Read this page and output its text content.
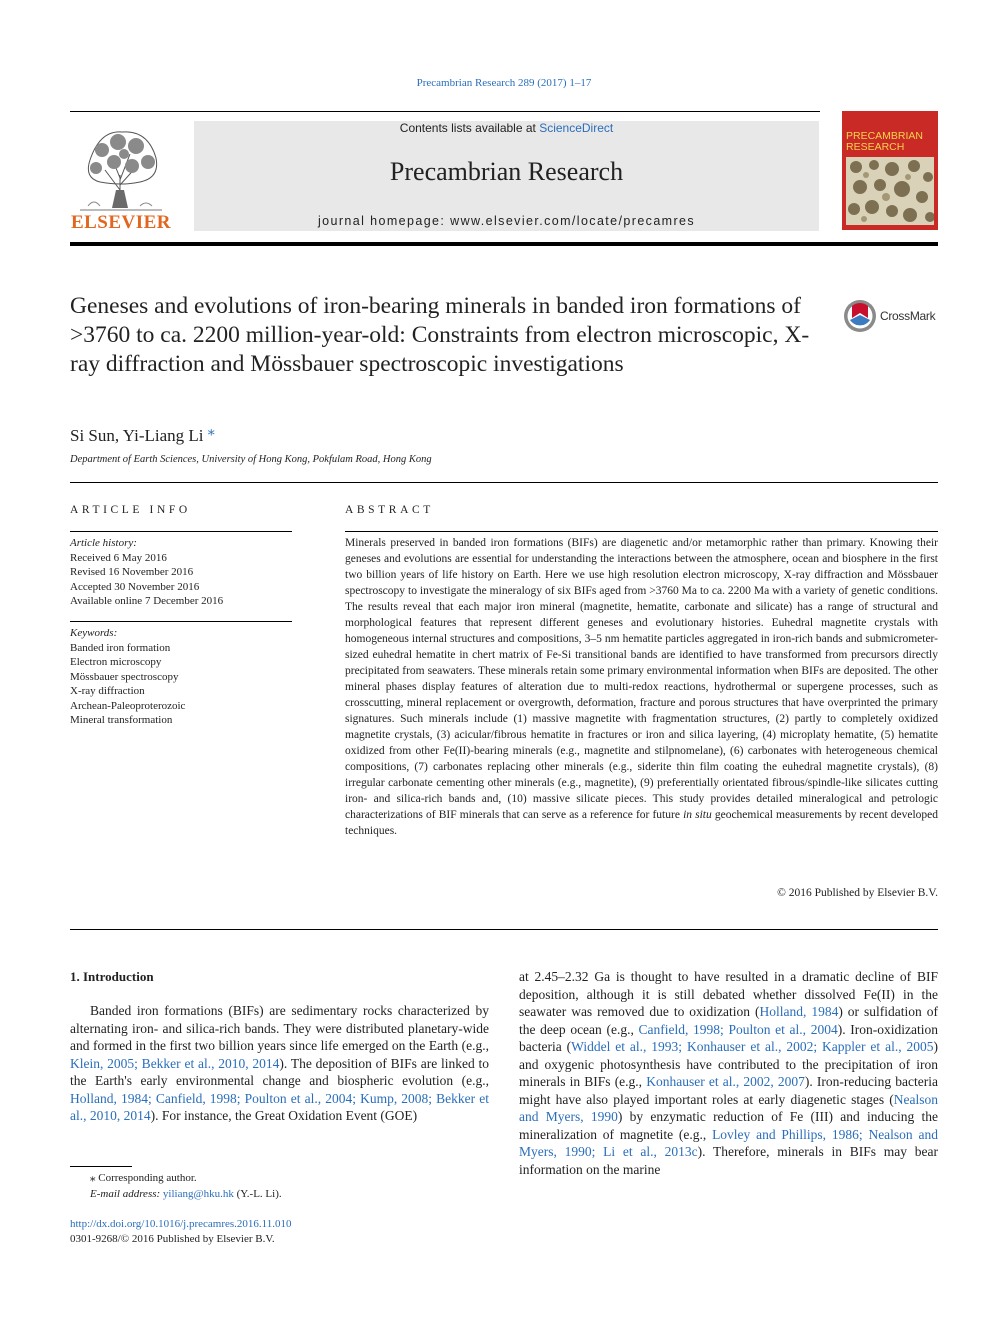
Precambrian Research 289 (2017) 1–17
ELSEVIER
Contents lists available at ScienceDirect
Precambrian Research
journal homepage: www.elsevier.com/locate/precamres
PRECAMBRIAN RESEARCH
Geneses and evolutions of iron-bearing minerals in banded iron formations of >3760 to ca. 2200 million-year-old: Constraints from electron microscopic, X-ray diffraction and Mössbauer spectroscopic investigations
CrossMark
Si Sun, Yi-Liang Li ⁎
Department of Earth Sciences, University of Hong Kong, Pokfulam Road, Hong Kong
ARTICLE INFO
Article history:
Received 6 May 2016
Revised 16 November 2016
Accepted 30 November 2016
Available online 7 December 2016
Keywords:
Banded iron formation
Electron microscopy
Mössbauer spectroscopy
X-ray diffraction
Archean-Paleoproterozoic
Mineral transformation
ABSTRACT
Minerals preserved in banded iron formations (BIFs) are diagenetic and/or metamorphic rather than primary. Knowing their geneses and evolutions are essential for understanding the interactions between the atmosphere, ocean and biosphere in the first two billion years of life history on Earth. Here we use high resolution electron microscopy, X-ray diffraction and Mössbauer spectroscopy to investigate the mineralogy of six BIFs aged from >3760 Ma to ca. 2200 Ma with a variety of genetic conditions. The results reveal that each major iron mineral (magnetite, hematite, carbonate and silicate) has a range of structural and morphological features that represent different geneses and evolutionary histories. Euhedral magnetite crystals with homogeneous internal structures and compositions, 3–5 nm hematite particles aggregated in iron-rich bands and submicrometer-sized euhedral hematite in chert matrix of Fe-Si transitional bands are identified to have transformed from precursors directly precipitated from seawaters. These minerals retain some primary environmental information when BIFs are deposited. The other mineral phases display features of alteration due to multi-redox reactions, hydrothermal or supergene processes, such as crosscutting, mineral replacement or overgrowth, deformation, fracture and porous structures that have overprinted the primary signatures. Such minerals include (1) massive magnetite with fragmentation structures, (2) partly to completely oxidized magnetite crystals, (3) acicular/fibrous hematite in fractures or iron and silica layering, (4) microplaty hematite, (5) hematite oxidized from other Fe(II)-bearing minerals (e.g., magnetite and stilpnomelane), (6) carbonates with heterogeneous chemical compositions, (7) carbonates replacing other minerals (e.g., siderite thin film coating the euhedral magnetite crystals), (8) irregular carbonate cementing other minerals (e.g., magnetite), (9) preferentially orientated fibrous/spindle-like silicates cutting iron- and silica-rich bands and, (10) massive silicate pieces. This study provides detailed mineralogical and petrologic characterizations of BIF minerals that can serve as a reference for future in situ geochemical measurements by recent developed techniques.
© 2016 Published by Elsevier B.V.
1. Introduction
Banded iron formations (BIFs) are sedimentary rocks characterized by alternating iron- and silica-rich bands. They were distributed planetary-wide and formed in the first two billion years since life emerged on the Earth (e.g., Klein, 2005; Bekker et al., 2010, 2014). The deposition of BIFs are linked to the Earth's early environmental change and biospheric evolution (e.g., Holland, 1984; Canfield, 1998; Poulton et al., 2004; Kump, 2008; Bekker et al., 2010, 2014). For instance, the Great Oxidation Event (GOE)
at 2.45–2.32 Ga is thought to have resulted in a dramatic decline of BIF deposition, although it is still debated whether dissolved Fe(II) in the seawater was removed due to oxidization (Holland, 1984) or sulfidation of the deep ocean (e.g., Canfield, 1998; Poulton et al., 2004). Iron-oxidization bacteria (Widdel et al., 1993; Konhauser et al., 2002; Kappler et al., 2005) and oxygenic photosynthesis have contributed to the precipitation of iron minerals in BIFs (e.g., Konhauser et al., 2002, 2007). Iron-reducing bacteria might have also played important roles at early diagenetic stages (Nealson and Myers, 1990) by enzymatic reduction of Fe (III) and inducing the mineralization of magnetite (e.g., Lovley and Phillips, 1986; Nealson and Myers, 1990; Li et al., 2013c). Therefore, minerals in BIFs may bear information on the marine
⁎ Corresponding author.
E-mail address: yiliang@hku.hk (Y.-L. Li).
http://dx.doi.org/10.1016/j.precamres.2016.11.010
0301-9268/© 2016 Published by Elsevier B.V.
